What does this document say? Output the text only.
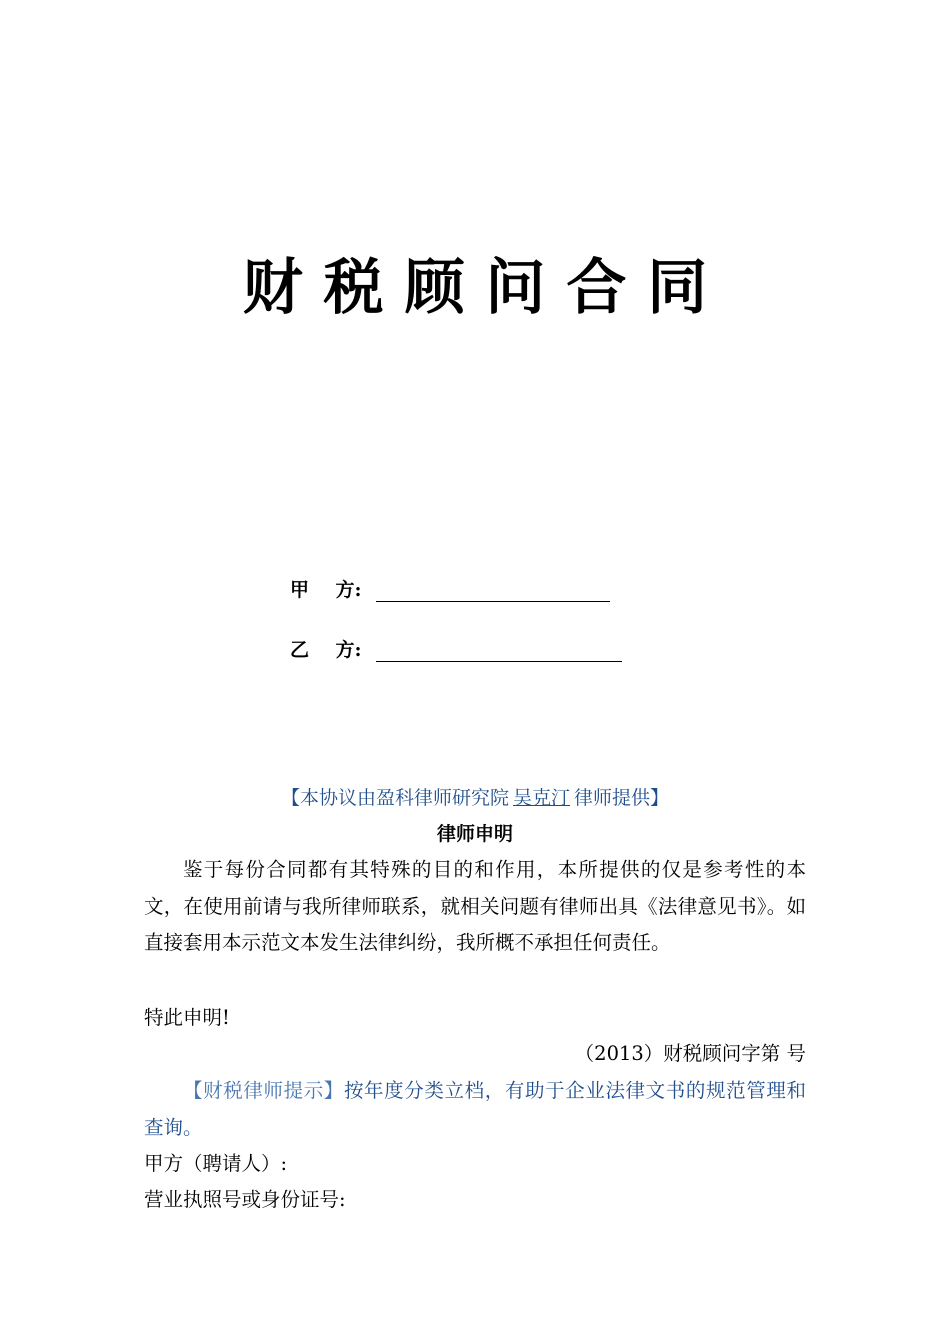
财 税 顾 问 合 同
甲    方:
乙    方:
【本协议由盈科律师研究院 吴克汀 律师提供】
律师申明
鉴于每份合同都有其特殊的目的和作用，本所提供的仅是参考性的本文，在使用前请与我所律师联系，就相关问题有律师出具《法律意见书》。如直接套用本示范文本发生法律纠纷，我所概不承担任何责任。
特此申明!
（2013）财税顾问字第 号
【财税律师提示】按年度分类立档，有助于企业法律文书的规范管理和查询。
甲方（聘请人）:
营业执照号或身份证号:
